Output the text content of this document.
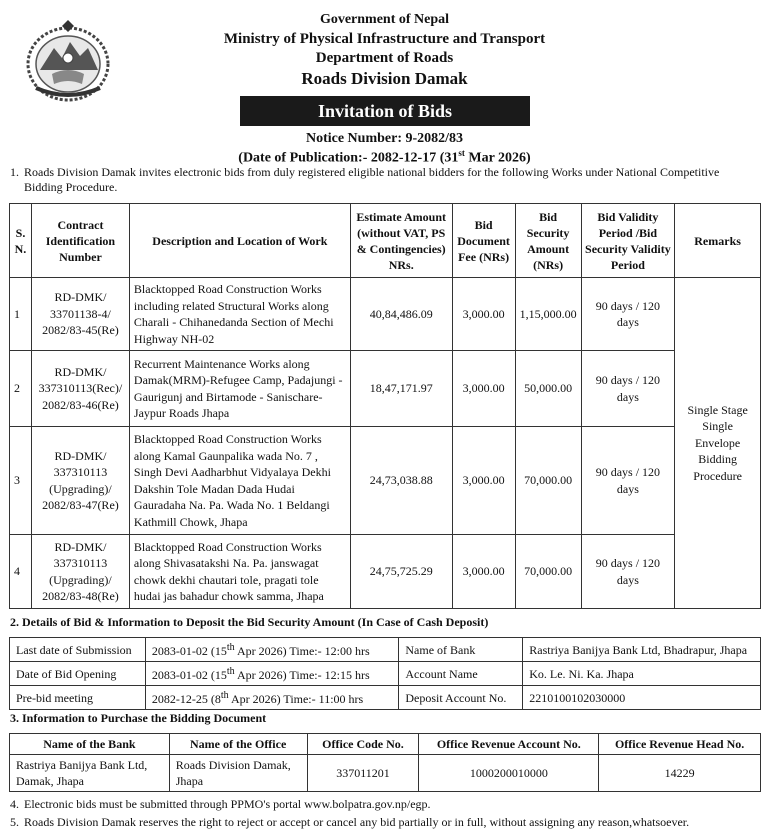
Government of Nepal
Ministry of Physical Infrastructure and Transport
Department of Roads
Roads Division Damak
Invitation of Bids
Notice Number: 9-2082/83
(Date of Publication:- 2082-12-17 (31st Mar 2026)
1. Roads Division Damak invites electronic bids from duly registered eligible national bidders for the following Works under National Competitive Bidding Procedure.
S. N.	Contract Identification Number	Description and Location of Work	Estimate Amount (without VAT, PS & Contingencies) NRs.	Bid Document Fee (NRs)	Bid Security Amount (NRs)	Bid Validity Period /Bid Security Validity Period	Remarks
1	RD-DMK/ 33701138-4/ 2082/83-45(Re)	Blacktopped Road Construction Works including related Structural Works along Charali - Chihanedanda Section of Mechi Highway NH-02	40,84,486.09	3,000.00	1,15,000.00	90 days / 120 days	Single Stage Single Envelope Bidding Procedure
2	RD-DMK/ 337310113(Rec)/ 2082/83-46(Re)	Recurrent Maintenance Works along Damak(MRM)-Refugee Camp, Padajungi - Gaurigunj and Birtamode - Sanischare-Jaypur Roads Jhapa	18,47,171.97	3,000.00	50,000.00	90 days / 120 days	
3	RD-DMK/ 337310113 (Upgrading)/ 2082/83-47(Re)	Blacktopped Road Construction Works along Kamal Gaunpalika wada No. 7 , Singh Devi Aadharbhut Vidyalaya Dekhi Dakshin Tole Madan Dada Hudai Gauradaha Na. Pa. Wada No. 1 Beldangi Kathmill Chowk, Jhapa	24,73,038.88	3,000.00	70,000.00	90 days / 120 days	
4	RD-DMK/ 337310113 (Upgrading)/ 2082/83-48(Re)	Blacktopped Road Construction Works along Shivasatakshi Na. Pa. janswagat chowk dekhi chautari tole, pragati tole hudai jas bahadur chowk samma, Jhapa	24,75,725.29	3,000.00	70,000.00	90 days / 120 days	
2. Details of Bid & Information to Deposit the Bid Security Amount (In Case of Cash Deposit)
Last date of Submission	2083-01-02 (15th Apr 2026) Time:- 12:00 hrs	Name of Bank	Rastriya Banijya Bank Ltd, Bhadrapur, Jhapa
Date of Bid Opening	2083-01-02 (15th Apr 2026) Time:- 12:15 hrs	Account Name	Ko. Le. Ni. Ka. Jhapa
Pre-bid meeting	2082-12-25 (8th Apr 2026) Time:- 11:00 hrs	Deposit Account No.	2210100102030000
3. Information to Purchase the Bidding Document
Name of the Bank	Name of the Office	Office Code No.	Office Revenue Account No.	Office Revenue Head No.
Rastriya Banijya Bank Ltd, Damak, Jhapa	Roads Division Damak, Jhapa	337011201	1000200010000	14229
4. Electronic bids must be submitted through PPMO's portal www.bolpatra.gov.np/egp.
5. Roads Division Damak reserves the right to reject or accept or cancel any bid partially or in full, without assigning any reason,whatsoever.
